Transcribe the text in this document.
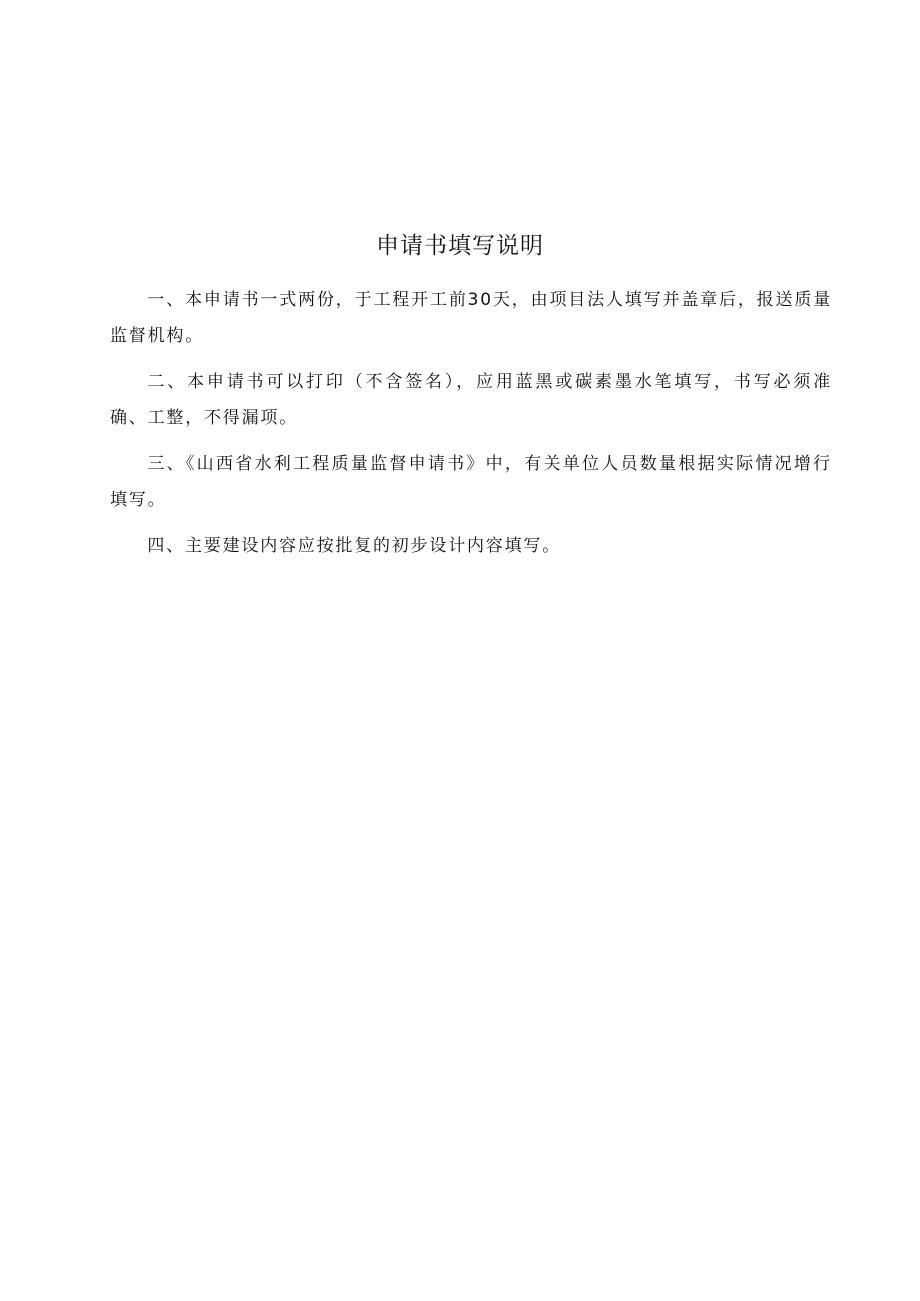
申请书填写说明

一、本申请书一式两份，于工程开工前30天，由项目法人填写并盖章后，报送质量监督机构。

二、本申请书可以打印（不含签名），应用蓝黑或碳素墨水笔填写，书写必须准确、工整，不得漏项。

三、《山西省水利工程质量监督申请书》中，有关单位人员数量根据实际情况增行填写。

四、主要建设内容应按批复的初步设计内容填写。
